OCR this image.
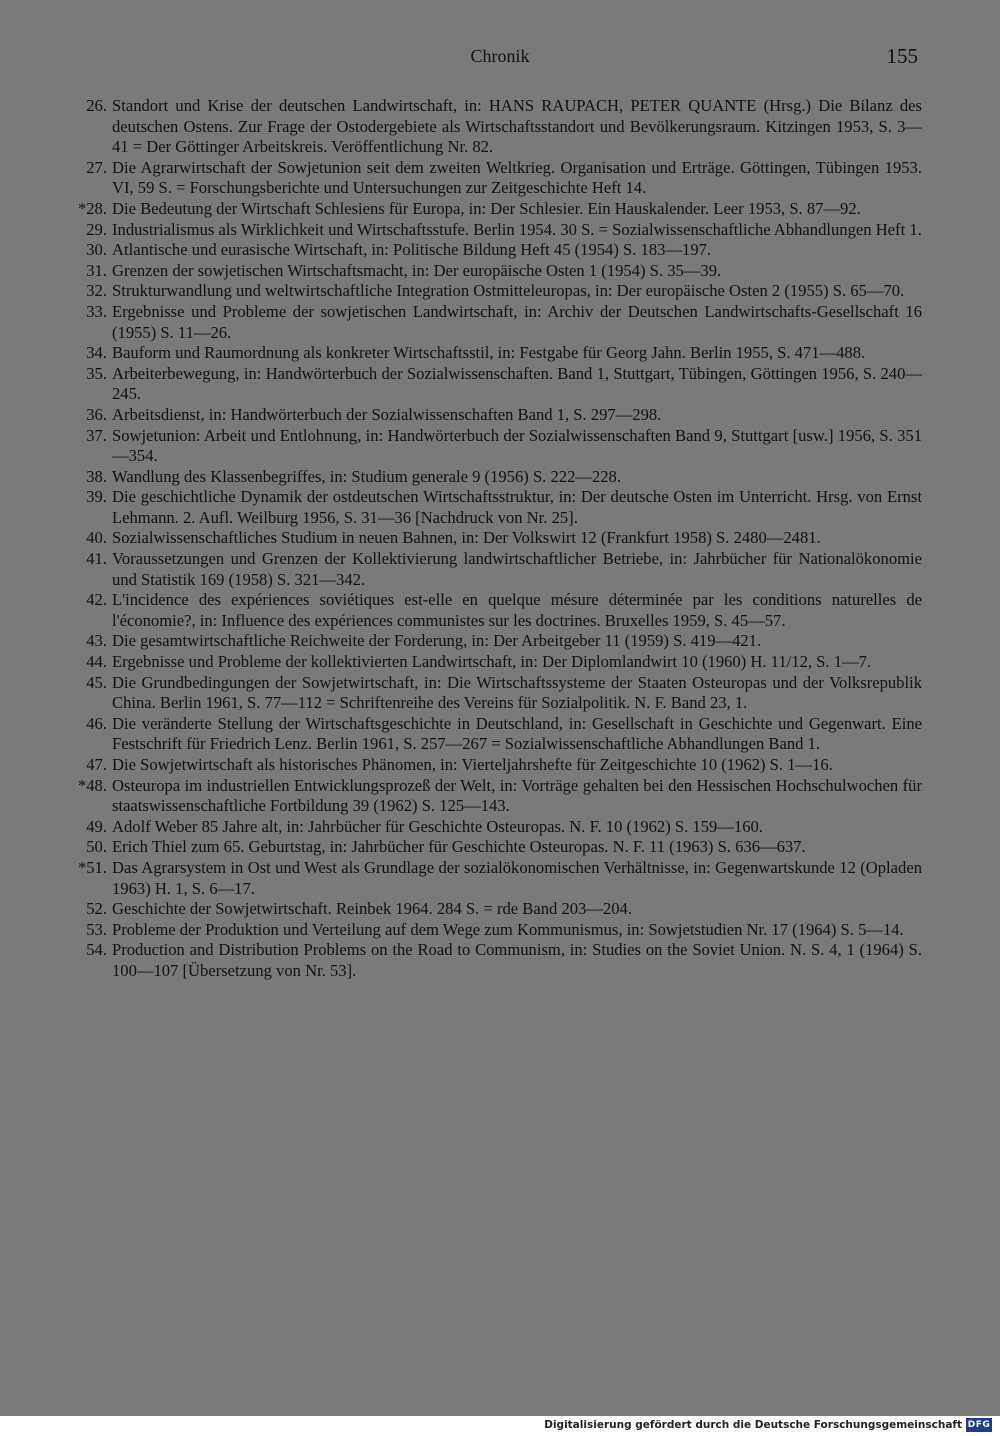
Chronik	155
26. Standort und Krise der deutschen Landwirtschaft, in: HANS RAUPACH, PETER QUANTE (Hrsg.) Die Bilanz des deutschen Ostens. Zur Frage der Ostodergebiete als Wirtschaftsstandort und Bevölkerungsraum. Kitzingen 1953, S. 3—41 = Der Göttinger Arbeitskreis. Veröffentlichung Nr. 82.
27. Die Agrarwirtschaft der Sowjetunion seit dem zweiten Weltkrieg. Organisation und Erträge. Göttingen, Tübingen 1953. VI, 59 S. = Forschungsberichte und Untersuchungen zur Zeitgeschichte Heft 14.
*28. Die Bedeutung der Wirtschaft Schlesiens für Europa, in: Der Schlesier. Ein Hauskalender. Leer 1953, S. 87—92.
29. Industrialismus als Wirklichkeit und Wirtschaftsstufe. Berlin 1954. 30 S. = Sozialwissenschaftliche Abhandlungen Heft 1.
30. Atlantische und eurasische Wirtschaft, in: Politische Bildung Heft 45 (1954) S. 183—197.
31. Grenzen der sowjetischen Wirtschaftsmacht, in: Der europäische Osten 1 (1954) S. 35—39.
32. Strukturwandlung und weltwirtschaftliche Integration Ostmitteleuropas, in: Der europäische Osten 2 (1955) S. 65—70.
33. Ergebnisse und Probleme der sowjetischen Landwirtschaft, in: Archiv der Deutschen Landwirtschafts-Gesellschaft 16 (1955) S. 11—26.
34. Bauform und Raumordnung als konkreter Wirtschaftsstil, in: Festgabe für Georg Jahn. Berlin 1955, S. 471—488.
35. Arbeiterbewegung, in: Handwörterbuch der Sozialwissenschaften. Band 1, Stuttgart, Tübingen, Göttingen 1956, S. 240—245.
36. Arbeitsdienst, in: Handwörterbuch der Sozialwissenschaften Band 1, S. 297—298.
37. Sowjetunion: Arbeit und Entlohnung, in: Handwörterbuch der Sozialwissenschaften Band 9, Stuttgart [usw.] 1956, S. 351—354.
38. Wandlung des Klassenbegriffes, in: Studium generale 9 (1956) S. 222—228.
39. Die geschichtliche Dynamik der ostdeutschen Wirtschaftsstruktur, in: Der deutsche Osten im Unterricht. Hrsg. von Ernst Lehmann. 2. Aufl. Weilburg 1956, S. 31—36 [Nachdruck von Nr. 25].
40. Sozialwissenschaftliches Studium in neuen Bahnen, in: Der Volkswirt 12 (Frankfurt 1958) S. 2480—2481.
41. Voraussetzungen und Grenzen der Kollektivierung landwirtschaftlicher Betriebe, in: Jahrbücher für Nationalökonomie und Statistik 169 (1958) S. 321—342.
42. L'incidence des expériences soviétiques est-elle en quelque mésure déterminée par les conditions naturelles de l'économie?, in: Influence des expériences communistes sur les doctrines. Bruxelles 1959, S. 45—57.
43. Die gesamtwirtschaftliche Reichweite der Forderung, in: Der Arbeitgeber 11 (1959) S. 419—421.
44. Ergebnisse und Probleme der kollektivierten Landwirtschaft, in: Der Diplomlandwirt 10 (1960) H. 11/12, S. 1—7.
45. Die Grundbedingungen der Sowjetwirtschaft, in: Die Wirtschaftssysteme der Staaten Osteuropas und der Volksrepublik China. Berlin 1961, S. 77—112 = Schriftenreihe des Vereins für Sozialpolitik. N. F. Band 23, 1.
46. Die veränderte Stellung der Wirtschaftsgeschichte in Deutschland, in: Gesellschaft in Geschichte und Gegenwart. Eine Festschrift für Friedrich Lenz. Berlin 1961, S. 257—267 = Sozialwissenschaftliche Abhandlungen Band 1.
47. Die Sowjetwirtschaft als historisches Phänomen, in: Vierteljahrshefte für Zeitgeschichte 10 (1962) S. 1—16.
*48. Osteuropa im industriellen Entwicklungsprozeß der Welt, in: Vorträge gehalten bei den Hessischen Hochschulwochen für staatswissenschaftliche Fortbildung 39 (1962) S. 125—143.
49. Adolf Weber 85 Jahre alt, in: Jahrbücher für Geschichte Osteuropas. N. F. 10 (1962) S. 159—160.
50. Erich Thiel zum 65. Geburtstag, in: Jahrbücher für Geschichte Osteuropas. N. F. 11 (1963) S. 636—637.
*51. Das Agrarsystem in Ost und West als Grundlage der sozialökonomischen Verhältnisse, in: Gegenwartskunde 12 (Opladen 1963) H. 1, S. 6—17.
52. Geschichte der Sowjetwirtschaft. Reinbek 1964. 284 S. = rde Band 203—204.
53. Probleme der Produktion und Verteilung auf dem Wege zum Kommunismus, in: Sowjetstudien Nr. 17 (1964) S. 5—14.
54. Production and Distribution Problems on the Road to Communism, in: Studies on the Soviet Union. N. S. 4, 1 (1964) S. 100—107 [Übersetzung von Nr. 53].
Digitalisierung gefördert durch die Deutsche Forschungsgemeinschaft DFG
